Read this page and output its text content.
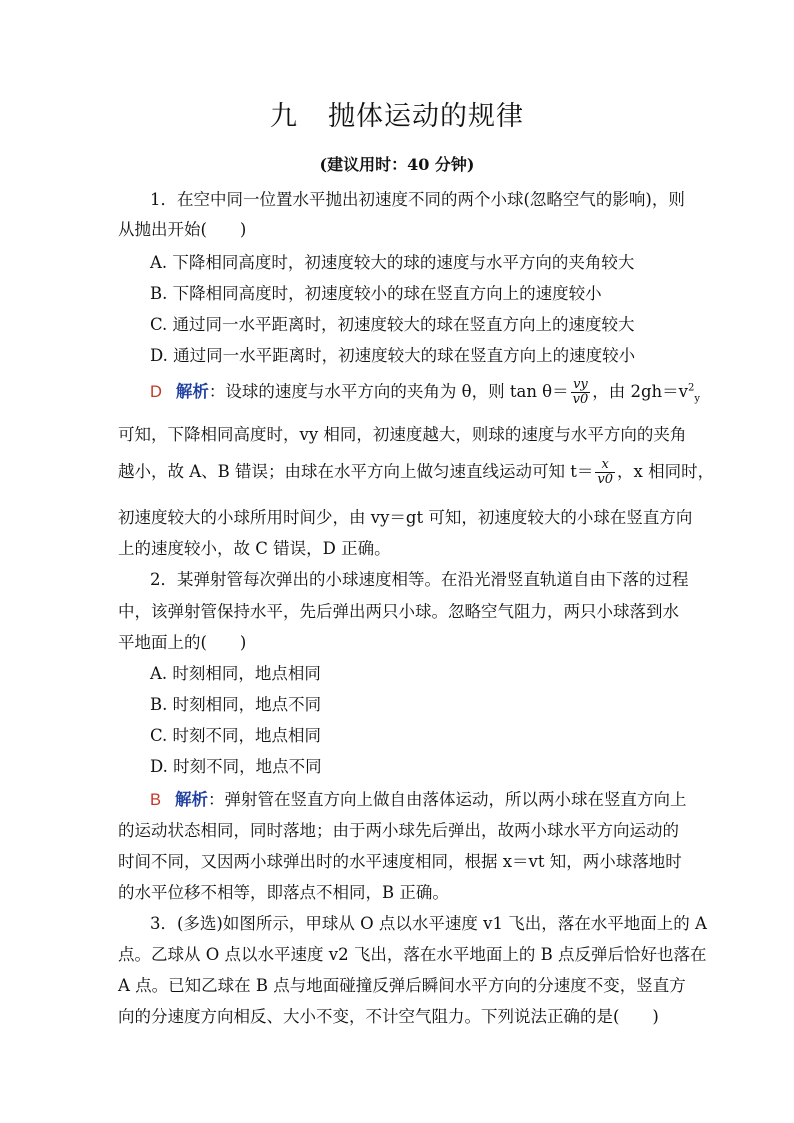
九 抛体运动的规律
(建议用时：40 分钟)
1．在空中同一位置水平抛出初速度不同的两个小球(忽略空气的影响)，则
从抛出开始(　　)
A. 下降相同高度时，初速度较大的球的速度与水平方向的夹角较大
B. 下降相同高度时，初速度较小的球在竖直方向上的速度较小
C. 通过同一水平距离时，初速度较大的球在竖直方向上的速度较大
D. 通过同一水平距离时，初速度较大的球在竖直方向上的速度较小
D 解析：设球的速度与水平方向的夹角为 θ，则 $\tan \theta= \frac{vy}{v0}$ ，由 $2gh=v^2_y$
可知，下降相同高度时，vy 相同，初速度越大，则球的速度与水平方向的夹角
越小，故 A、B 错误；由球在水平方向上做匀速直线运动可知 $t= \frac{x}{v0}$ ，x 相同时，
初速度较大的小球所用时间少，由 vy＝gt 可知，初速度较大的小球在竖直方向
上的速度较小，故 C 错误，D 正确。
2．某弹射管每次弹出的小球速度相等。在沿光滑竖直轨道自由下落的过程
中，该弹射管保持水平，先后弹出两只小球。忽略空气阻力，两只小球落到水
平地面上的(　　)
A. 时刻相同，地点相同
B. 时刻相同，地点不同
C. 时刻不同，地点相同
D. 时刻不同，地点不同
B 解析：弹射管在竖直方向上做自由落体运动，所以两小球在竖直方向上
的运动状态相同，同时落地；由于两小球先后弹出，故两小球水平方向运动的
时间不同，又因两小球弹出时的水平速度相同，根据 x＝vt 知，两小球落地时
的水平位移不相等，即落点不相同，B 正确。
3．(多选)如图所示，甲球从 O 点以水平速度 v1 飞出，落在水平地面上的 A
点。乙球从 O 点以水平速度 v2 飞出，落在水平地面上的 B 点反弹后恰好也落在
A 点。已知乙球在 B 点与地面碰撞反弹后瞬间水平方向的分速度不变，竖直方
向的分速度方向相反、大小不变，不计空气阻力。下列说法正确的是(　　)
